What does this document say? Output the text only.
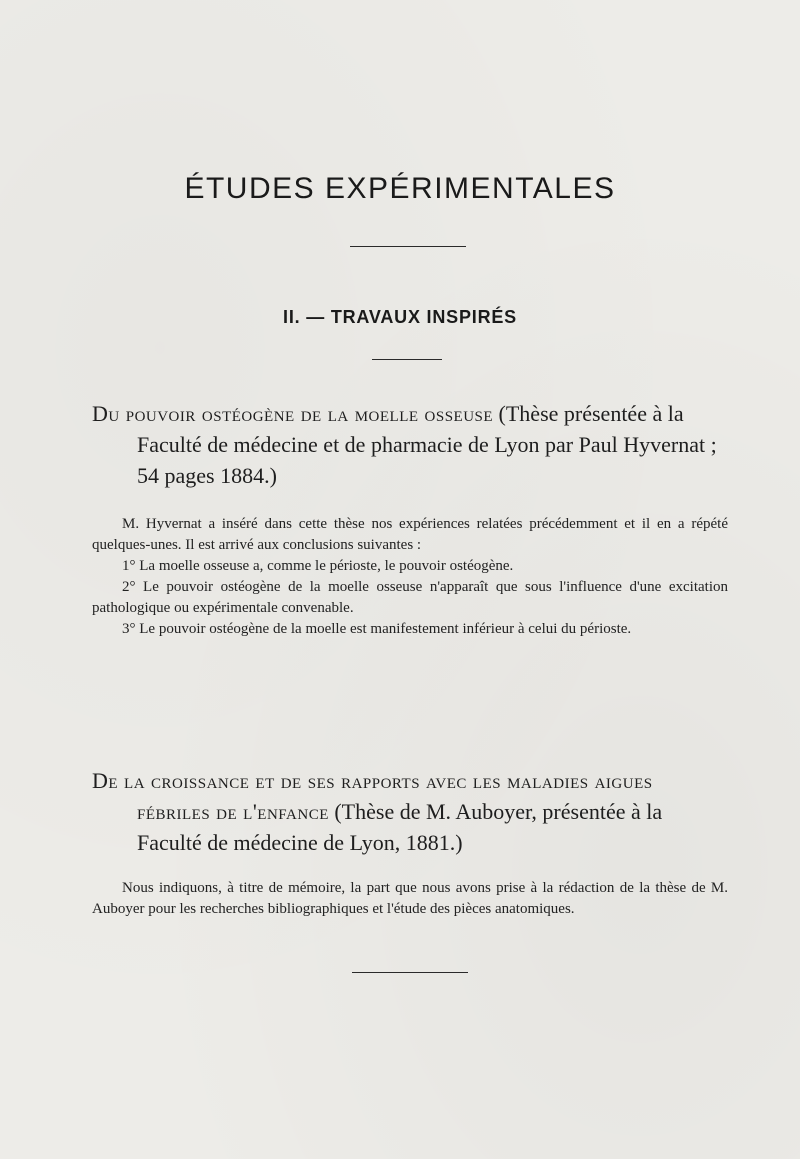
ÉTUDES EXPÉRIMENTALES
II. — TRAVAUX INSPIRÉS
Du pouvoir ostéogène de la moelle osseuse (Thèse présentée à la Faculté de médecine et de pharmacie de Lyon par Paul Hyvernat ; 54 pages 1884.)

M. Hyvernat a inséré dans cette thèse nos expériences relatées précédemment et il en a répété quelques-unes. Il est arrivé aux conclusions suivantes :

1° La moelle osseuse a, comme le périoste, le pouvoir ostéogène.

2° Le pouvoir ostéogène de la moelle osseuse n'apparaît que sous l'influence d'une excitation pathologique ou expérimentale convenable.

3° Le pouvoir ostéogène de la moelle est manifestement inférieur à celui du périoste.

De la croissance et de ses rapports avec les maladies aigues fébriles de l'enfance (Thèse de M. Auboyer, présentée à la Faculté de médecine de Lyon, 1881.)

Nous indiquons, à titre de mémoire, la part que nous avons prise à la rédaction de la thèse de M. Auboyer pour les recherches bibliographiques et l'étude des pièces anatomiques.
